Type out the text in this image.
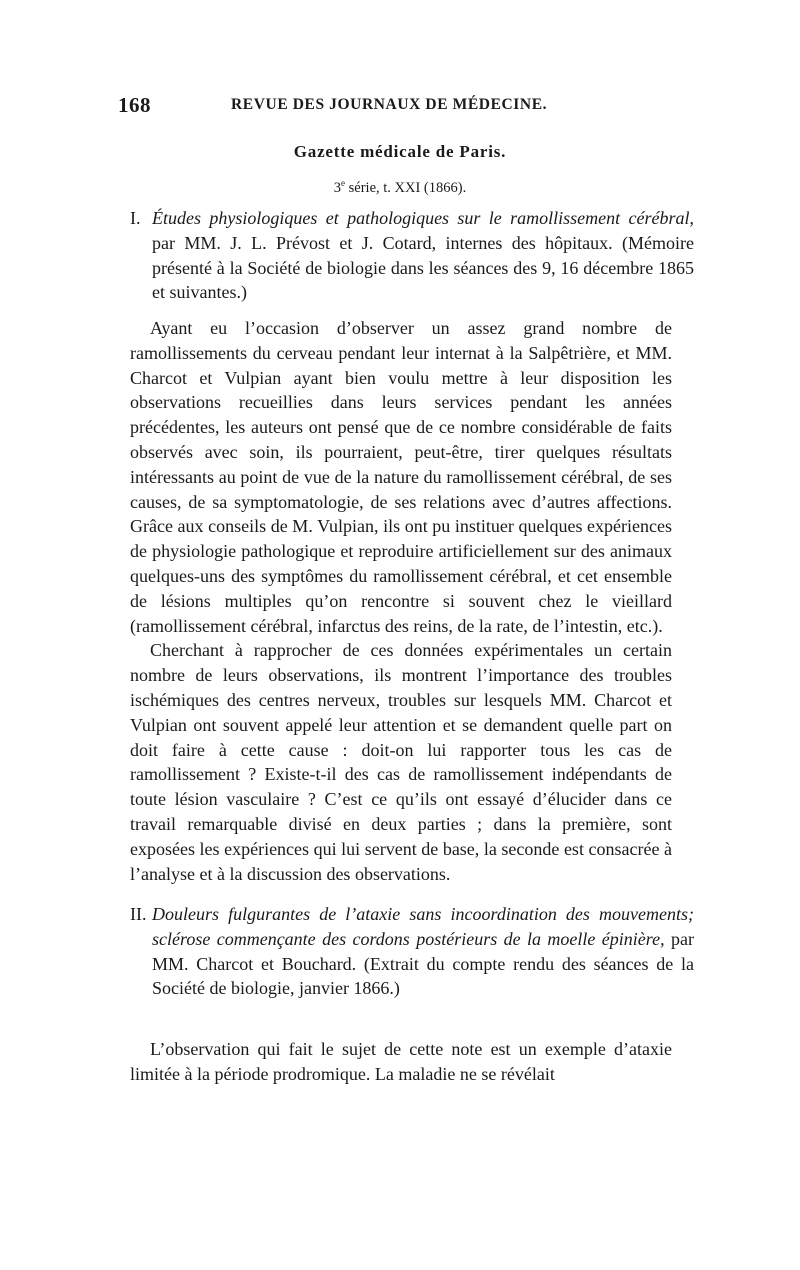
168	REVUE DES JOURNAUX DE MÉDECINE.
Gazette médicale de Paris.
3e série, t. XXI (1866).

I. Études physiologiques et pathologiques sur le ramollissement cérébral, par MM. J. L. Prévost et J. Cotard, internes des hôpitaux. (Mémoire présenté à la Société de biologie dans les séances des 9, 16 décembre 1865 et suivantes.)

Ayant eu l’occasion d’observer un assez grand nombre de ramollissements du cerveau pendant leur internat à la Salpêtrière, et MM. Charcot et Vulpian ayant bien voulu mettre à leur disposition les observations recueillies dans leurs services pendant les années précédentes, les auteurs ont pensé que de ce nombre considérable de faits observés avec soin, ils pourraient, peut-être, tirer quelques résultats intéressants au point de vue de la nature du ramollissement cérébral, de ses causes, de sa symptomatologie, de ses relations avec d’autres affections. Grâce aux conseils de M. Vulpian, ils ont pu instituer quelques expériences de physiologie pathologique et reproduire artificiellement sur des animaux quelques-uns des symptômes du ramollissement cérébral, et cet ensemble de lésions multiples qu’on rencontre si souvent chez le vieillard (ramollissement cérébral, infarctus des reins, de la rate, de l’intestin, etc.).

Cherchant à rapprocher de ces données expérimentales un certain nombre de leurs observations, ils montrent l’importance des troubles ischémiques des centres nerveux, troubles sur lesquels MM. Charcot et Vulpian ont souvent appelé leur attention et se demandent quelle part on doit faire à cette cause : doit-on lui rapporter tous les cas de ramollissement ? Existe-t-il des cas de ramollissement indépendants de toute lésion vasculaire ? C’est ce qu’ils ont essayé d’élucider dans ce travail remarquable divisé en deux parties ; dans la première, sont exposées les expériences qui lui servent de base, la seconde est consacrée à l’analyse et à la discussion des observations.

II. Douleurs fulgurantes de l’ataxie sans incoordination des mouvements; sclérose commençante des cordons postérieurs de la moelle épinière, par MM. Charcot et Bouchard. (Extrait du compte rendu des séances de la Société de biologie, janvier 1866.)

L’observation qui fait le sujet de cette note est un exemple d’ataxie limitée à la période prodromique. La maladie ne se révélait
